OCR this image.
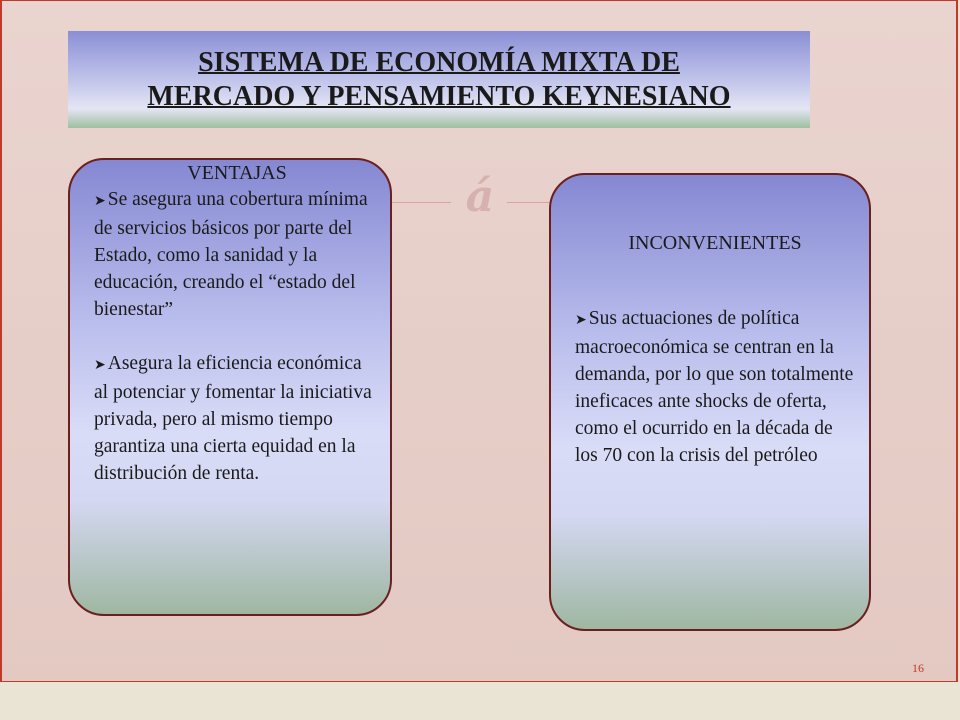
SISTEMA DE ECONOMÍA MIXTA DE
MERCADO Y PENSAMIENTO KEYNESIANO
á
VENTAJAS

➤ Se asegura una cobertura mínima de servicios básicos por parte del Estado, como la sanidad y la educación, creando el “estado del bienestar”

➤ Asegura la eficiencia económica al potenciar y fomentar la iniciativa privada, pero al mismo tiempo garantiza una cierta equidad en la distribución de renta.

INCONVENIENTES

➤ Sus actuaciones de política macroeconómica se centran en la demanda, por lo que son totalmente ineficaces ante shocks de oferta, como el ocurrido en la década de los 70 con la crisis del petróleo

16
